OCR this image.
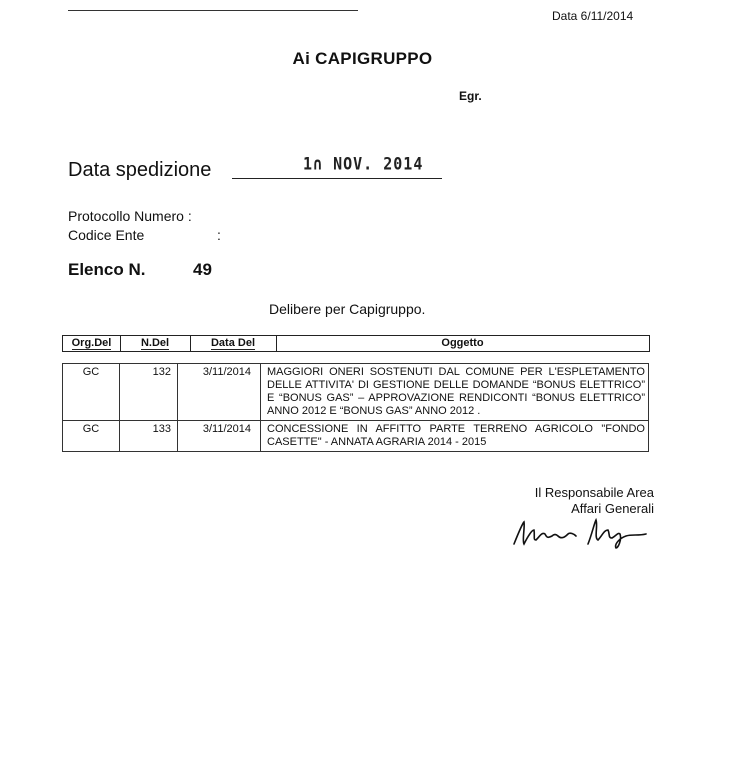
Data 6/11/2014
Ai CAPIGRUPPO
Egr.
Data spedizione	1∩ NOV. 2014
Protocollo Numero :
Codice Ente	:
Elenco N.	49
Delibere per Capigruppo.
Org.Del	N.Del	Data Del	Oggetto
GC	132	3/11/2014	MAGGIORI ONERI SOSTENUTI DAL COMUNE PER L'ESPLETAMENTO DELLE ATTIVITA' DI GESTIONE DELLE DOMANDE “BONUS ELETTRICO” E “BONUS GAS” – APPROVAZIONE RENDICONTI “BONUS ELETTRICO” ANNO 2012 E “BONUS GAS” ANNO 2012 .
GC	133	3/11/2014	CONCESSIONE IN AFFITTO PARTE TERRENO AGRICOLO "FONDO CASETTE" - ANNATA AGRARIA 2014 - 2015
Il Responsabile Area
Affari Generali
